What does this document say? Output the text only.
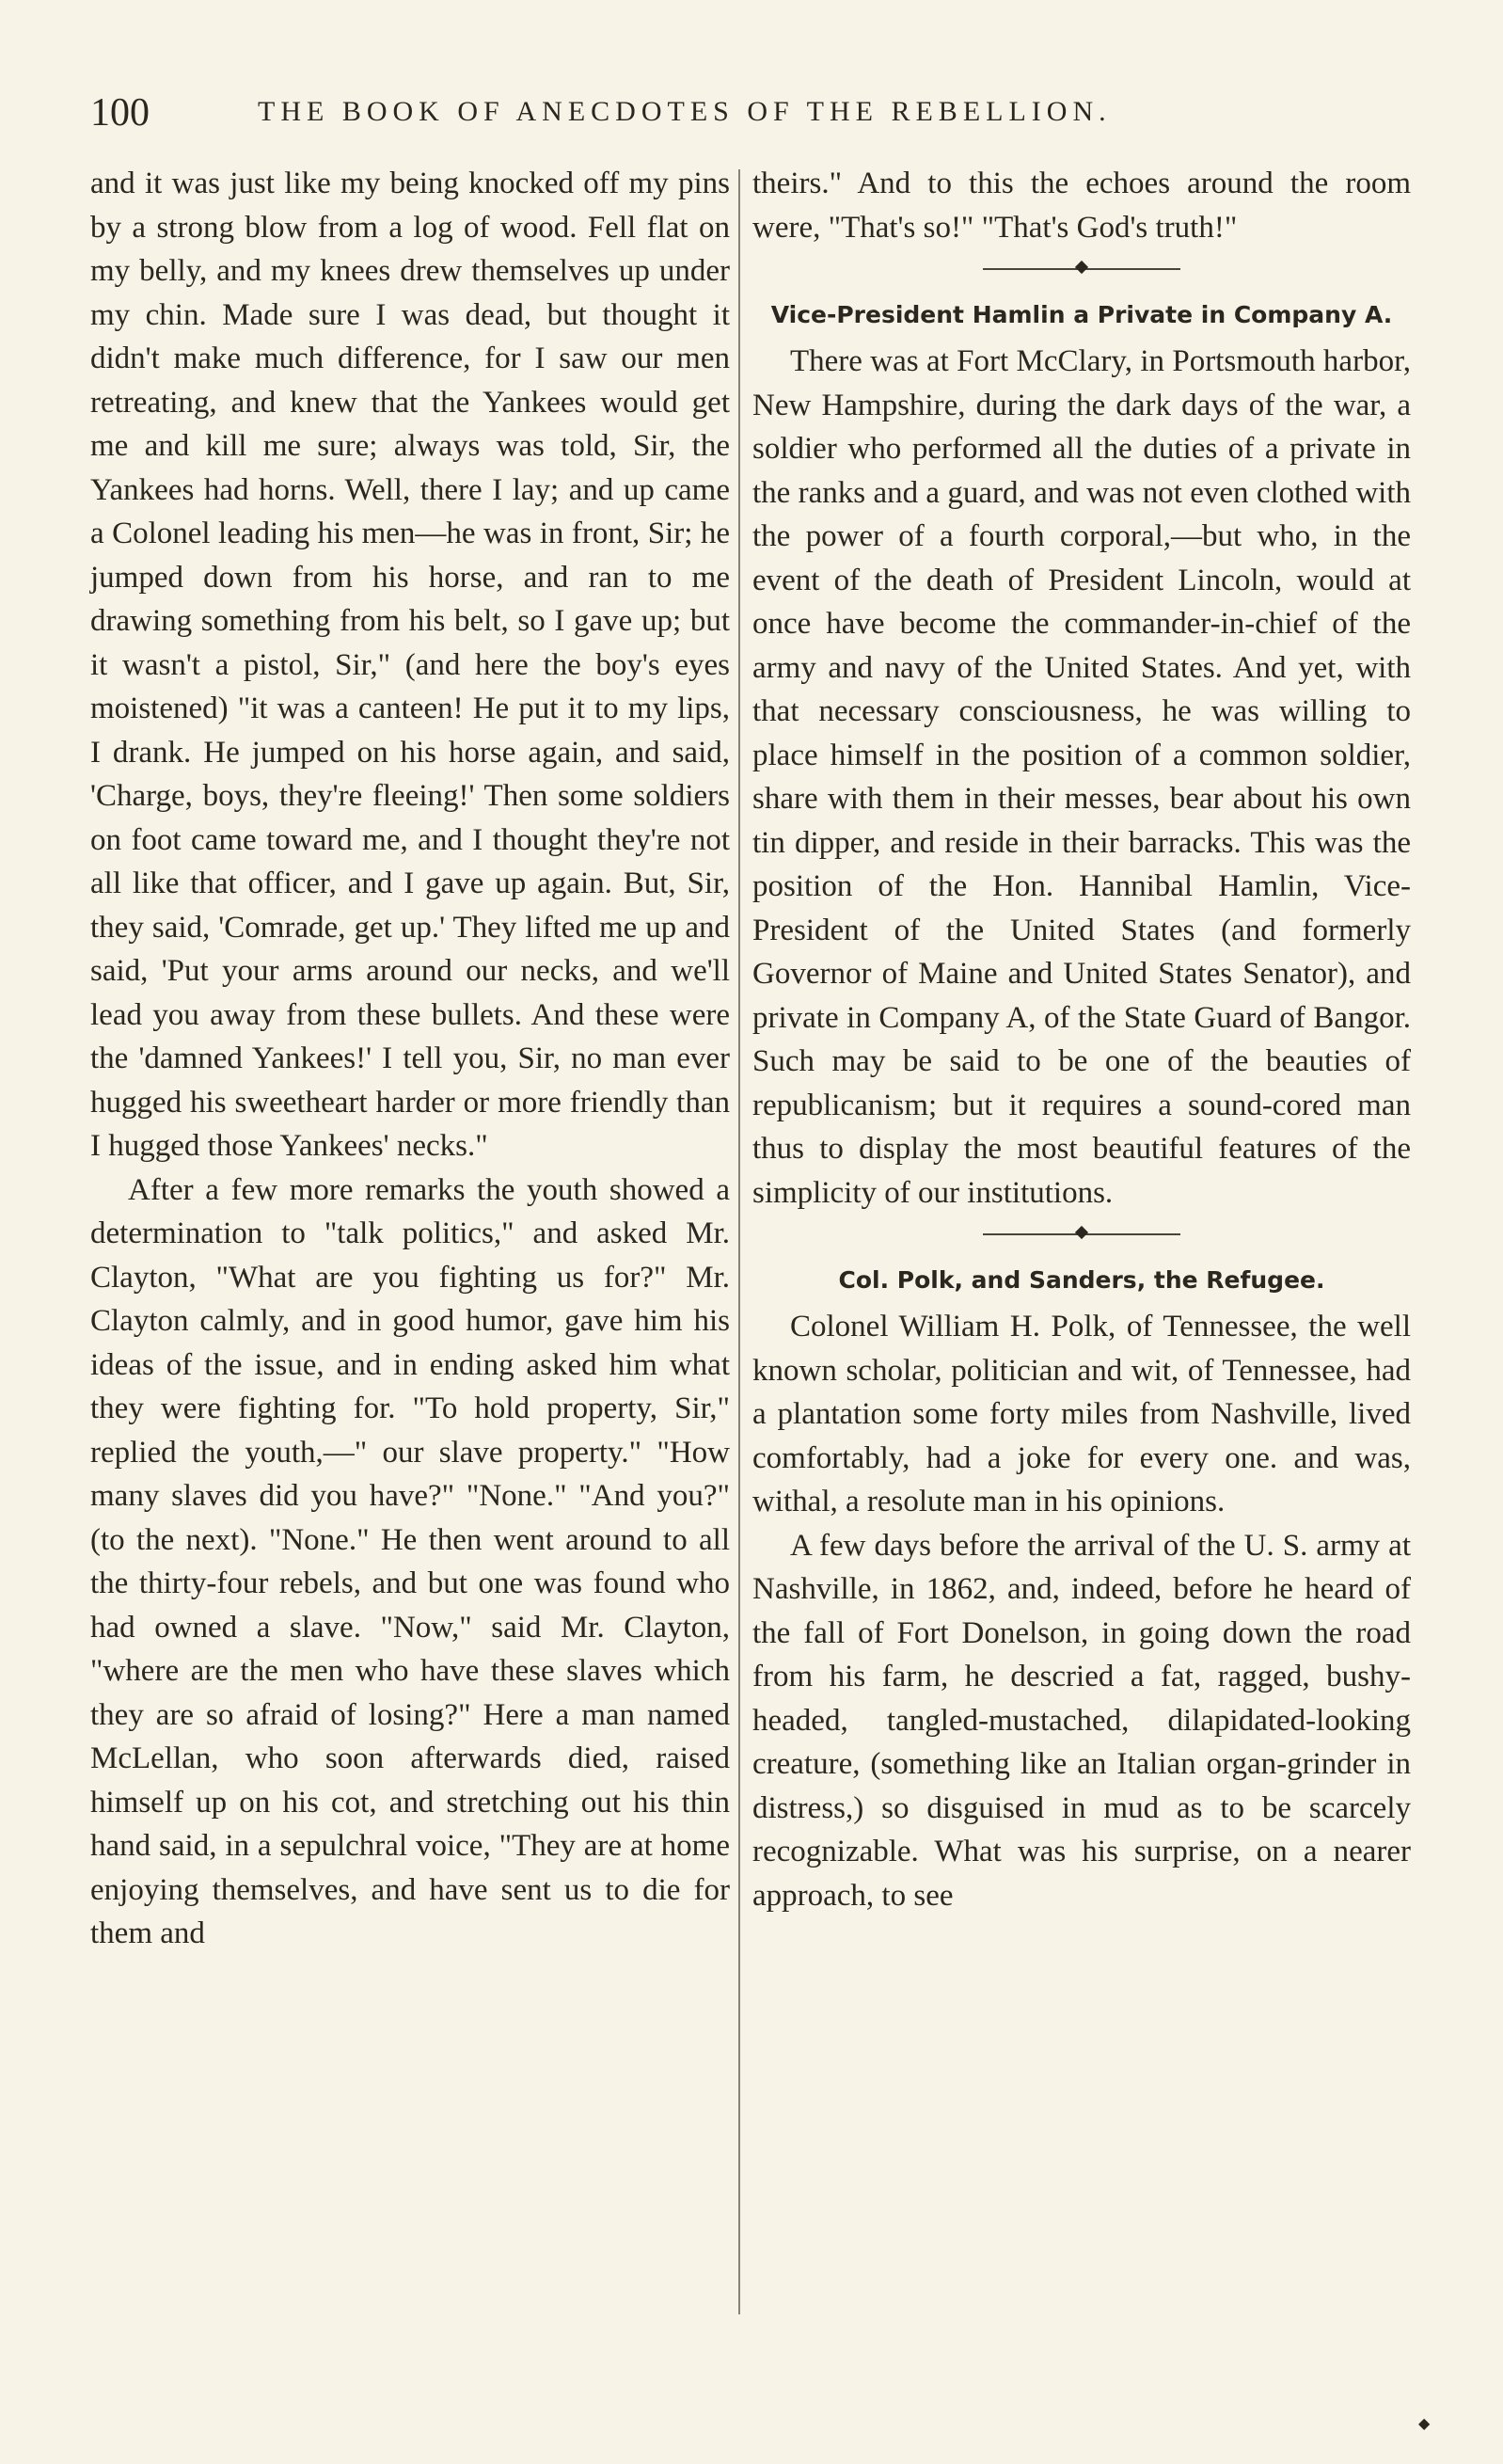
100	THE BOOK OF ANECDOTES OF THE REBELLION.

and it was just like my being knocked off my pins by a strong blow from a log of wood. Fell flat on my belly, and my knees drew themselves up under my chin. Made sure I was dead, but thought it didn't make much difference, for I saw our men retreating, and knew that the Yankees would get me and kill me sure; always was told, Sir, the Yankees had horns. Well, there I lay; and up came a Colonel leading his men—he was in front, Sir; he jumped down from his horse, and ran to me drawing something from his belt, so I gave up; but it wasn't a pistol, Sir," (and here the boy's eyes moistened) "it was a canteen! He put it to my lips, I drank. He jumped on his horse again, and said, 'Charge, boys, they're fleeing!' Then some soldiers on foot came toward me, and I thought they're not all like that officer, and I gave up again. But, Sir, they said, 'Comrade, get up.' They lifted me up and said, 'Put your arms around our necks, and we'll lead you away from these bullets. And these were the 'damned Yankees!' I tell you, Sir, no man ever hugged his sweetheart harder or more friendly than I hugged those Yankees' necks."

After a few more remarks the youth showed a determination to "talk politics," and asked Mr. Clayton, "What are you fighting us for?" Mr. Clayton calmly, and in good humor, gave him his ideas of the issue, and in ending asked him what they were fighting for. "To hold property, Sir," replied the youth,—" our slave property." "How many slaves did you have?" "None." "And you?" (to the next). "None." He then went around to all the thirty-four rebels, and but one was found who had owned a slave. "Now," said Mr. Clayton, "where are the men who have these slaves which they are so afraid of losing?" Here a man named McLellan, who soon afterwards died, raised himself up on his cot, and stretching out his thin hand said, in a sepulchral voice, "They are at home enjoying themselves, and have sent us to die for them and

theirs." And to this the echoes around the room were, "That's so!" "That's God's truth!"

Vice-President Hamlin a Private in Company A.

There was at Fort McClary, in Portsmouth harbor, New Hampshire, during the dark days of the war, a soldier who performed all the duties of a private in the ranks and a guard, and was not even clothed with the power of a fourth corporal,—but who, in the event of the death of President Lincoln, would at once have become the commander-in-chief of the army and navy of the United States. And yet, with that necessary consciousness, he was willing to place himself in the position of a common soldier, share with them in their messes, bear about his own tin dipper, and reside in their barracks. This was the position of the Hon. Hannibal Hamlin, Vice-President of the United States (and formerly Governor of Maine and United States Senator), and private in Company A, of the State Guard of Bangor. Such may be said to be one of the beauties of republicanism; but it requires a sound-cored man thus to display the most beautiful features of the simplicity of our institutions.

Col. Polk, and Sanders, the Refugee.

Colonel William H. Polk, of Tennessee, the well known scholar, politician and wit, of Tennessee, had a plantation some forty miles from Nashville, lived comfortably, had a joke for every one. and was, withal, a resolute man in his opinions.

A few days before the arrival of the U. S. army at Nashville, in 1862, and, indeed, before he heard of the fall of Fort Donelson, in going down the road from his farm, he descried a fat, ragged, bushy-headed, tangled-mustached, dilapidated-looking creature, (something like an Italian organ-grinder in distress,) so disguised in mud as to be scarcely recognizable. What was his surprise, on a nearer approach, to see

◆
